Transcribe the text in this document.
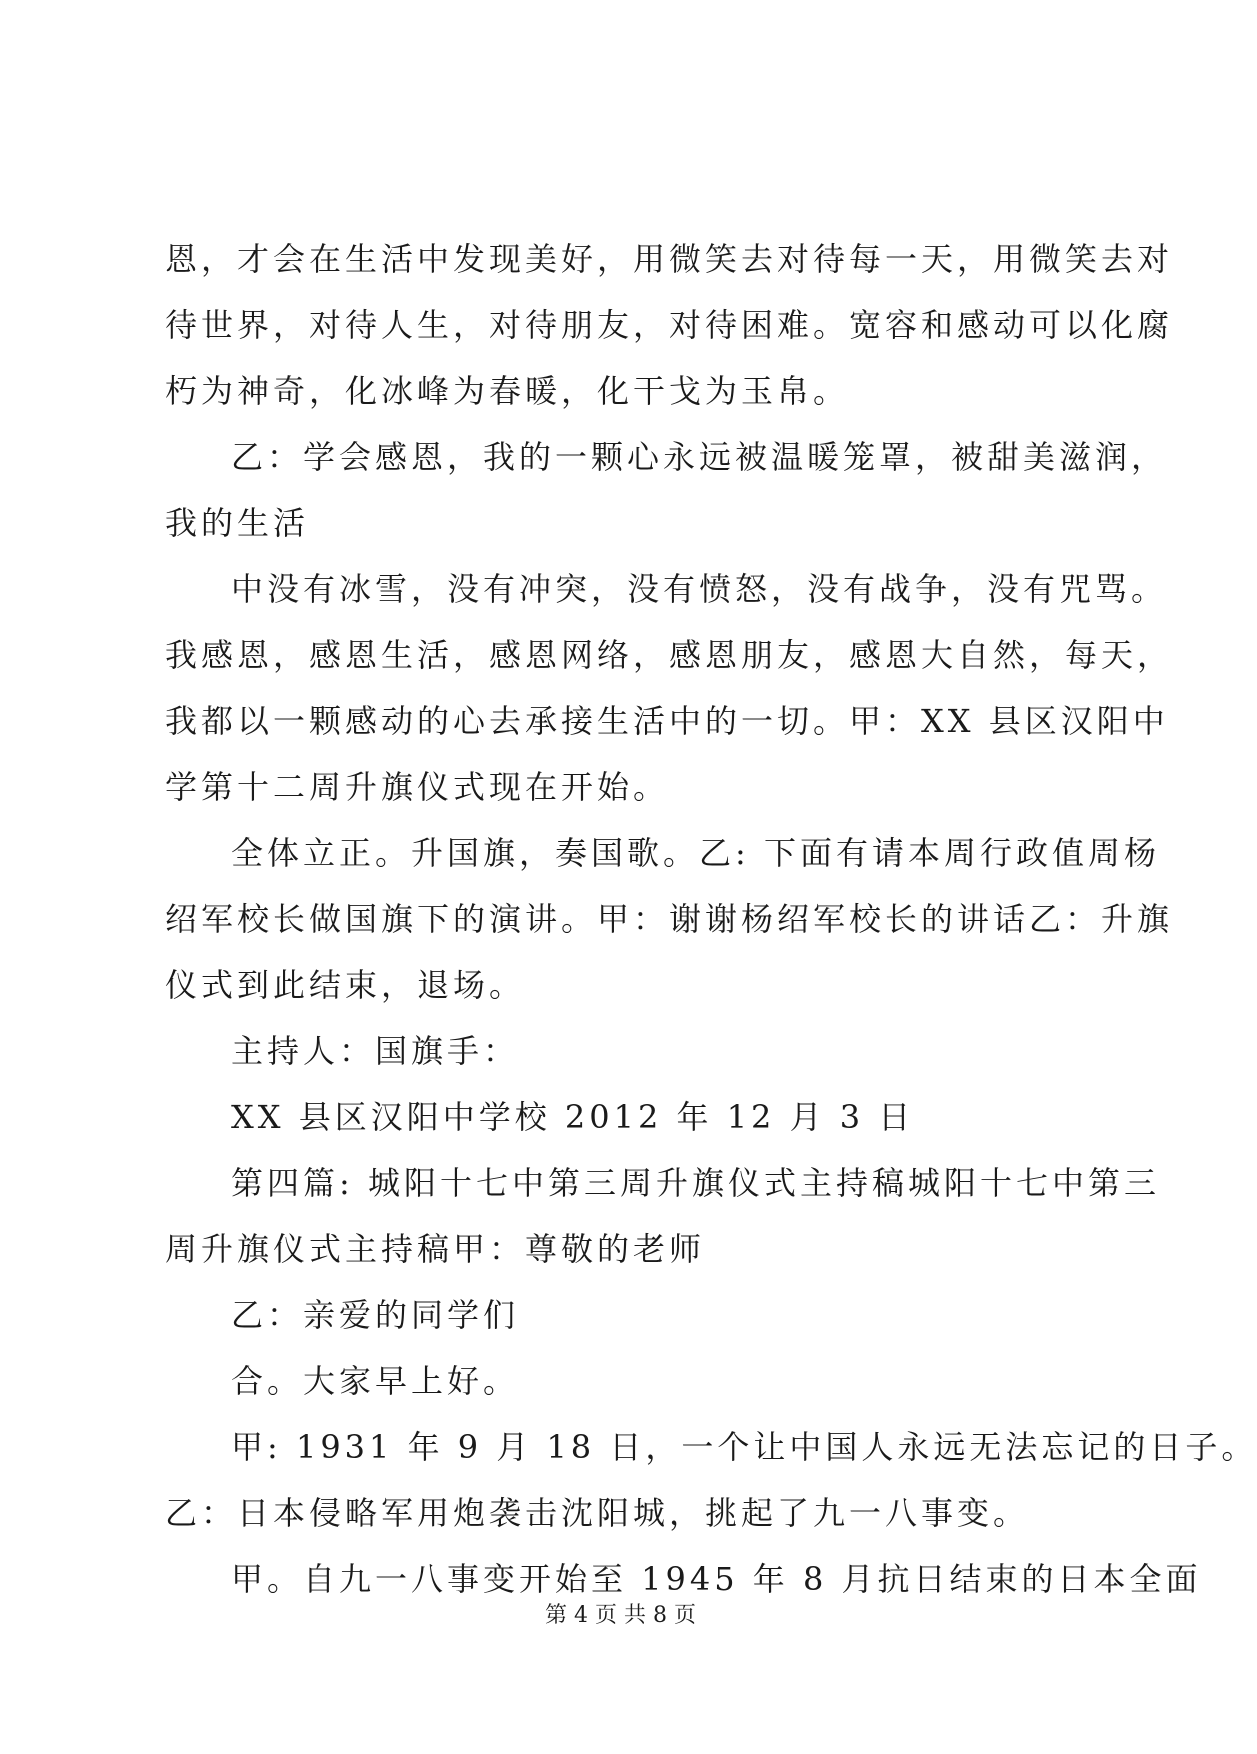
恩，才会在生活中发现美好，用微笑去对待每一天，用微笑去对
待世界，对待人生，对待朋友，对待困难。宽容和感动可以化腐
朽为神奇，化冰峰为春暖，化干戈为玉帛。
乙：学会感恩，我的一颗心永远被温暖笼罩，被甜美滋润，
我的生活
中没有冰雪，没有冲突，没有愤怒，没有战争，没有咒骂。
我感恩，感恩生活，感恩网络，感恩朋友，感恩大自然，每天，
我都以一颗感动的心去承接生活中的一切。甲：XX 县区汉阳中
学第十二周升旗仪式现在开始。
全体立正。升国旗，奏国歌。乙: 下面有请本周行政值周杨
绍军校长做国旗下的演讲。甲：谢谢杨绍军校长的讲话乙：升旗
仪式到此结束，退场。
主持人：国旗手：
XX 县区汉阳中学校 2012 年 12 月 3 日
第四篇: 城阳十七中第三周升旗仪式主持稿城阳十七中第三
周升旗仪式主持稿甲：尊敬的老师
乙：亲爱的同学们
合。大家早上好。
甲: 1931 年 9 月 18 日，一个让中国人永远无法忘记的日子。
乙：日本侵略军用炮袭击沈阳城，挑起了九一八事变。
甲。自九一八事变开始至 1945 年 8 月抗日结束的日本全面
第 4 页 共 8 页
